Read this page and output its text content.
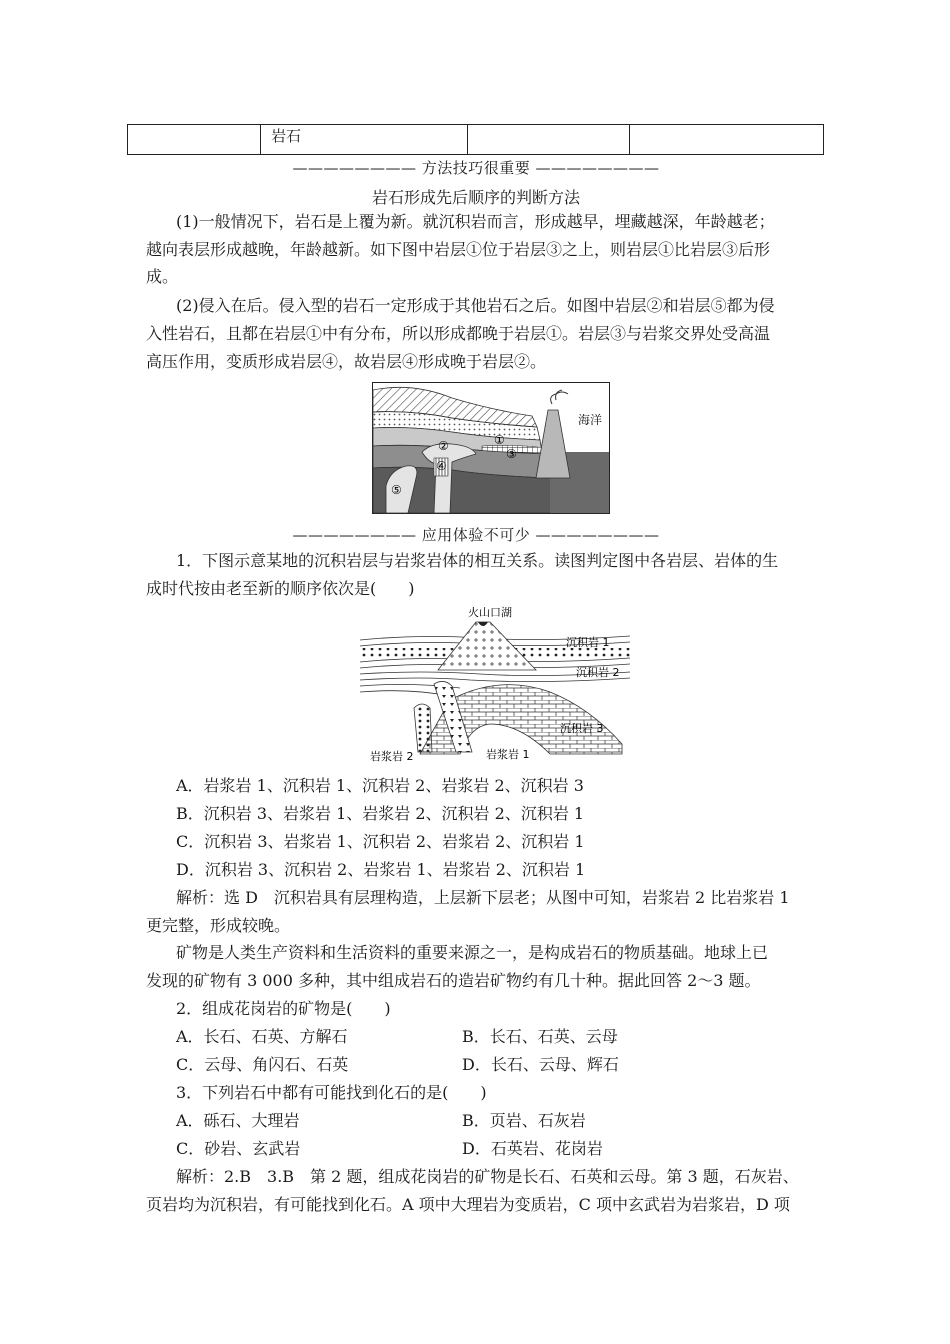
	岩石		
———————— 方法技巧很重要 ————————
岩石形成先后顺序的判断方法
(1)一般情况下，岩石是上覆为新。就沉积岩而言，形成越早，埋藏越深，年龄越老；
越向表层形成越晚，年龄越新。如下图中岩层①位于岩层③之上，则岩层①比岩层③后形
成。
(2)侵入在后。侵入型的岩石一定形成于其他岩石之后。如图中岩层②和岩层⑤都为侵
入性岩石，且都在岩层①中有分布，所以形成都晚于岩层①。岩层③与岩浆交界处受高温
高压作用，变质形成岩层④，故岩层④形成晚于岩层②。
海洋
①
②
③
④
⑤
———————— 应用体验不可少 ————————
1．下图示意某地的沉积岩层与岩浆岩体的相互关系。读图判定图中各岩层、岩体的生
成时代按由老至新的顺序依次是(　　)
火山口湖
沉积岩 1
沉积岩 2
沉积岩 3
岩浆岩 1
岩浆岩 2
A．岩浆岩 1、沉积岩 1、沉积岩 2、岩浆岩 2、沉积岩 3
B．沉积岩 3、岩浆岩 1、岩浆岩 2、沉积岩 2、沉积岩 1
C．沉积岩 3、岩浆岩 1、沉积岩 2、岩浆岩 2、沉积岩 1
D．沉积岩 3、沉积岩 2、岩浆岩 1、岩浆岩 2、沉积岩 1
解析：选 D　沉积岩具有层理构造，上层新下层老；从图中可知，岩浆岩 2 比岩浆岩 1
更完整，形成较晚。
矿物是人类生产资料和生活资料的重要来源之一，是构成岩石的物质基础。地球上已
发现的矿物有 3 000 多种，其中组成岩石的造岩矿物约有几十种。据此回答 2～3 题。
2．组成花岗岩的矿物是(　　)
A．长石、石英、方解石	B．长石、石英、云母
C．云母、角闪石、石英	D．长石、云母、辉石
3．下列岩石中都有可能找到化石的是(　　)
A．砾石、大理岩	B．页岩、石灰岩
C．砂岩、玄武岩	D．石英岩、花岗岩
解析：2.B　3.B　第 2 题，组成花岗岩的矿物是长石、石英和云母。第 3 题，石灰岩、
页岩均为沉积岩，有可能找到化石。A 项中大理岩为变质岩，C 项中玄武岩为岩浆岩，D 项
